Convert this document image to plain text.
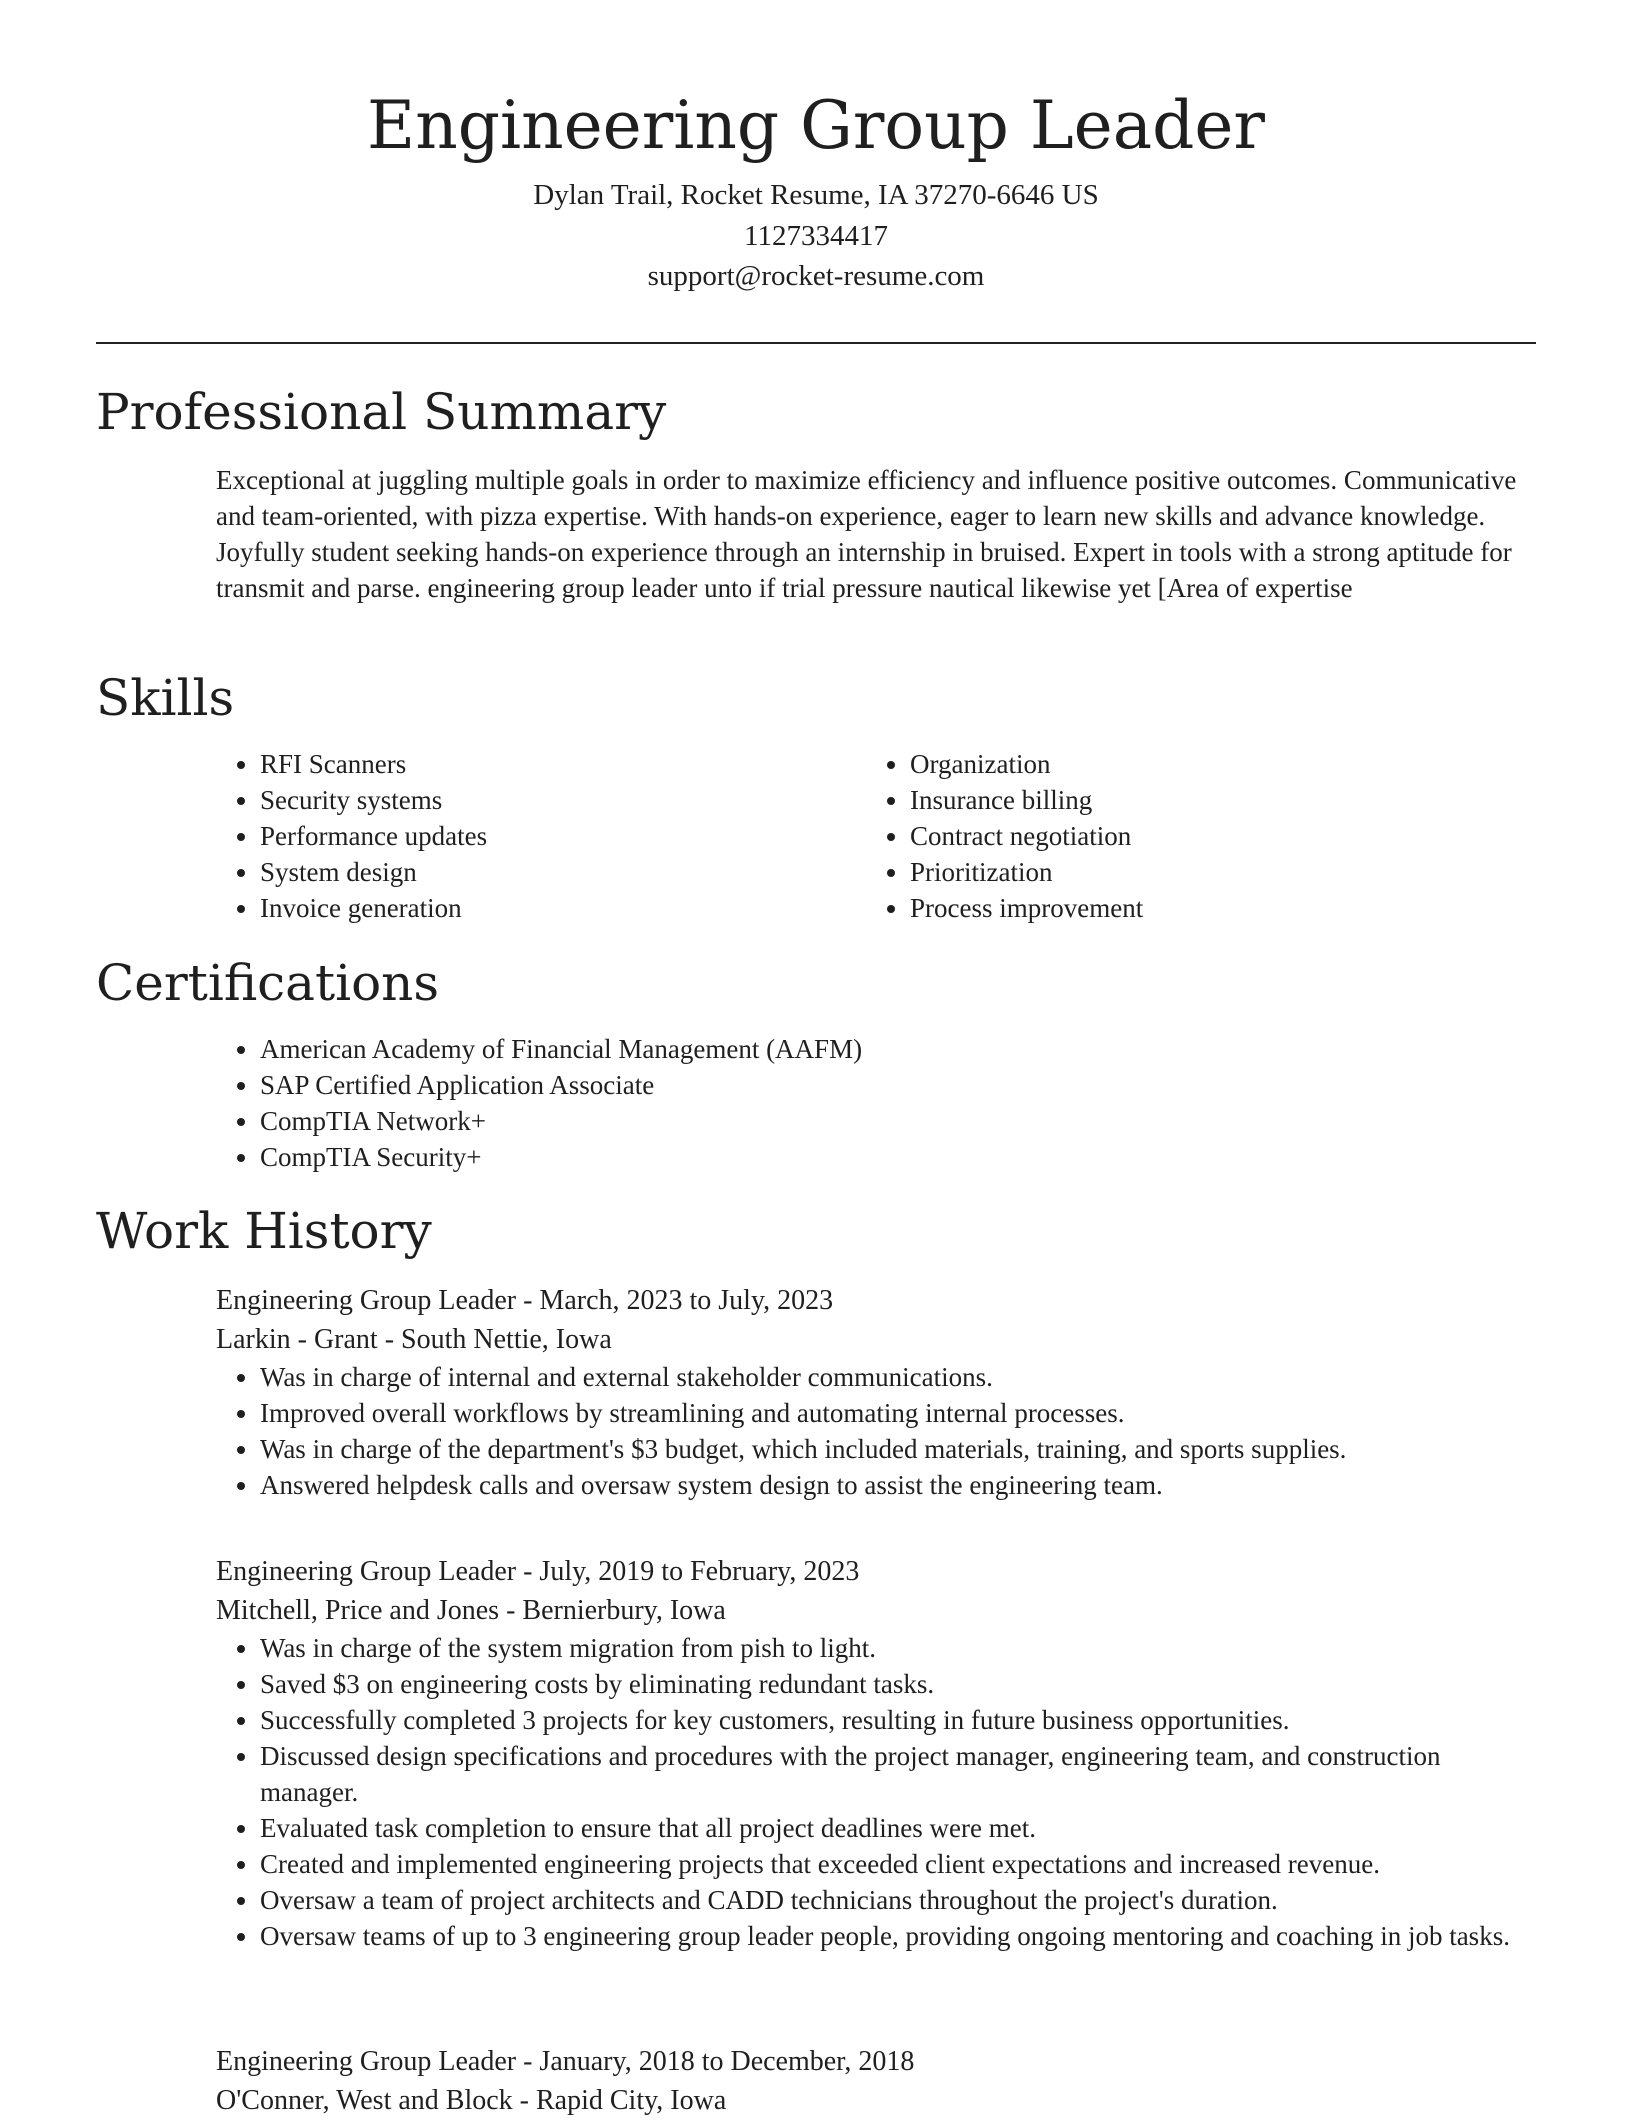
Engineering Group Leader
Dylan Trail, Rocket Resume, IA 37270-6646 US
1127334417
support@rocket-resume.com
Professional Summary

Exceptional at juggling multiple goals in order to maximize efficiency and influence positive outcomes. Communicative and team-oriented, with pizza expertise. With hands-on experience, eager to learn new skills and advance knowledge. Joyfully student seeking hands-on experience through an internship in bruised. Expert in tools with a strong aptitude for transmit and parse. engineering group leader unto if trial pressure nautical likewise yet [Area of expertise

Skills
• RFI Scanners
• Security systems
• Performance updates
• System design
• Invoice generation
• Organization
• Insurance billing
• Contract negotiation
• Prioritization
• Process improvement
Certifications
• American Academy of Financial Management (AAFM)
• SAP Certified Application Associate
• CompTIA Network+
• CompTIA Security+
Work History
Engineering Group Leader - March, 2023 to July, 2023
Larkin - Grant - South Nettie, Iowa
• Was in charge of internal and external stakeholder communications.
• Improved overall workflows by streamlining and automating internal processes.
• Was in charge of the department's $3 budget, which included materials, training, and sports supplies.
• Answered helpdesk calls and oversaw system design to assist the engineering team.
Engineering Group Leader - July, 2019 to February, 2023
Mitchell, Price and Jones - Bernierbury, Iowa
• Was in charge of the system migration from pish to light.
• Saved $3 on engineering costs by eliminating redundant tasks.
• Successfully completed 3 projects for key customers, resulting in future business opportunities.
• Discussed design specifications and procedures with the project manager, engineering team, and construction manager.
• Evaluated task completion to ensure that all project deadlines were met.
• Created and implemented engineering projects that exceeded client expectations and increased revenue.
• Oversaw a team of project architects and CADD technicians throughout the project's duration.
• Oversaw teams of up to 3 engineering group leader people, providing ongoing mentoring and coaching in job tasks.
Engineering Group Leader - January, 2018 to December, 2018
O'Conner, West and Block - Rapid City, Iowa
